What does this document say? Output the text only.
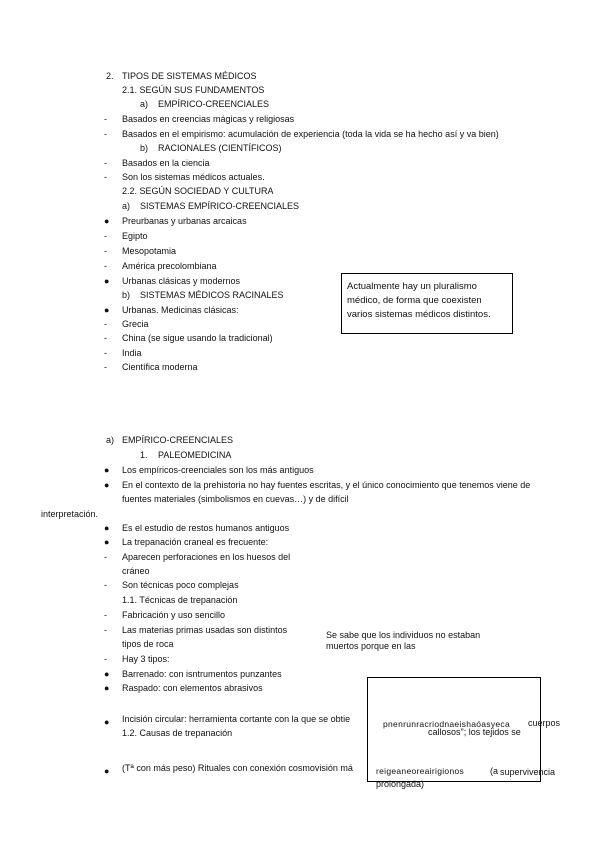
2. TIPOS DE SISTEMAS MÉDICOS
2.1. SEGÚN SUS FUNDAMENTOS
a) EMPÍRICO-CREENCIALES
- Basados en creencias mágicas y religiosas
- Basados en el empirismo: acumulación de experiencia (toda la vida se ha hecho así y va bien)
b) RACIONALES (CIENTÍFICOS)
- Basados en la ciencia
- Son los sistemas médicos actuales.
2.2. SEGÚN SOCIEDAD Y CULTURA
a) SISTEMAS EMPÍRICO-CREENCIALES
● Preurbanas y urbanas arcaicas
- Egipto
- Mesopotamia
- América precolombiana
● Urbanas clásicas y modernos
b) SISTEMAS MÉDICOS RACINALES
● Urbanas. Medicinas clásicas:
- Grecia
- China (se sigue usando la tradicional)
- India
- Científica moderna
Actualmente hay un pluralismo médico, de forma que coexisten varios sistemas médicos distintos.
a) EMPÍRICO-CREENCIALES
1. PALEOMEDICINA
● Los empíricos-creenciales son los más antiguos
● En el contexto de la prehistoria no hay fuentes escritas, y el único conocimiento que tenemos viene de
fuentes materiales (simbolismos en cuevas…) y de difícil
interpretación.
● Es el estudio de restos humanos antiguos
● La trepanación craneal es frecuente:
- Aparecen perforaciones en los huesos del
cráneo
- Son técnicas poco complejas
1.1. Técnicas de trepanación
- Fabricación y uso sencillo
- Las materias primas usadas son distintos
tipos de roca
- Hay 3 tipos:
● Barrenado: con isntrumentos punzantes
● Raspado: con elementos abrasivos
Se sabe que los individuos no estaban muertos porque en las
● Incisión circular: herramienta cortante con la que se obtie	pnenrunracriodnaeishaóasyeca cuerpos
callosos"; los tejidos se
1.2. Causas de trepanación
● (Tª con más peso) Rituales con conexión cosmovisión má	reigeaneoreairigionos	(a supervivencia
prolongada)
